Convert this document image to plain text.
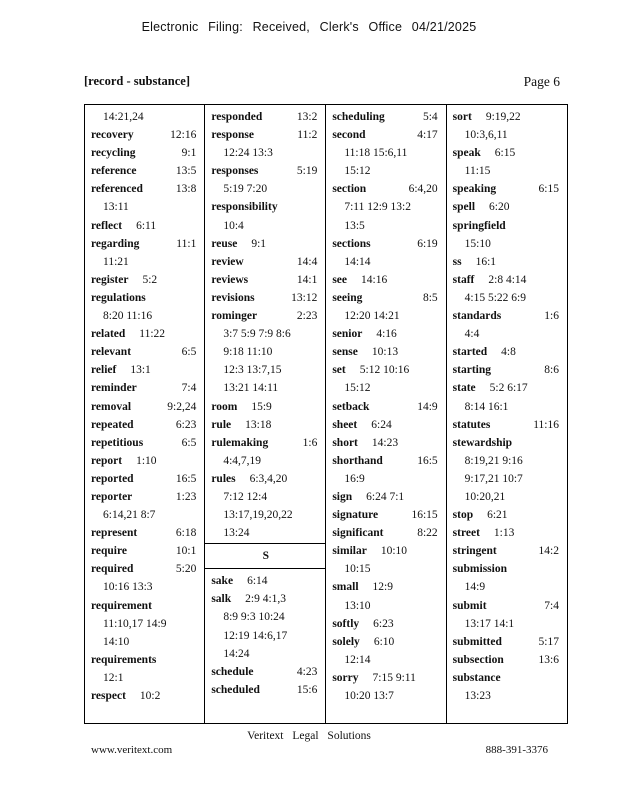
Electronic Filing: Received, Clerk's Office 04/21/2025
[record - substance]	Page 6
14:21,24
recovery	12:16
recycling	9:1
reference	13:5
referenced	13:8
13:11
reflect 6:11
regarding	11:1
11:21
register 5:2
regulations
8:20 11:16
related 11:22
relevant	6:5
relief 13:1
reminder	7:4
removal	9:2,24
repeated	6:23
repetitious	6:5
report 1:10
reported	16:5
reporter	1:23
6:14,21 8:7
represent	6:18
require	10:1
required	5:20
10:16 13:3
requirement
11:10,17 14:9
14:10
requirements
12:1
respect 10:2
responded	13:2
response	11:2
12:24 13:3
responses	5:19
5:19 7:20
responsibility
10:4
reuse 9:1
review	14:4
reviews	14:1
revisions	13:12
rominger	2:23
3:7 5:9 7:9 8:6
9:18 11:10
12:3 13:7,15
13:21 14:11
room 15:9
rule 13:18
rulemaking	1:6
4:4,7,19
rules 6:3,4,20
7:12 12:4
13:17,19,20,22
13:24
S
sake 6:14
salk 2:9 4:1,3
8:9 9:3 10:24
12:19 14:6,17
14:24
schedule	4:23
scheduled	15:6
scheduling	5:4
second	4:17
11:18 15:6,11
15:12
section	6:4,20
7:11 12:9 13:2
13:5
sections	6:19
14:14
see 14:16
seeing	8:5
12:20 14:21
senior 4:16
sense 10:13
set 5:12 10:16
15:12
setback	14:9
sheet 6:24
short 14:23
shorthand	16:5
16:9
sign 6:24 7:1
signature	16:15
significant	8:22
similar 10:10
10:15
small 12:9
13:10
softly 6:23
solely 6:10
12:14
sorry 7:15 9:11
10:20 13:7
sort 9:19,22
10:3,6,11
speak 6:15
11:15
speaking	6:15
spell 6:20
springfield
15:10
ss 16:1
staff 2:8 4:14
4:15 5:22 6:9
standards	1:6
4:4
started 4:8
starting	8:6
state 5:2 6:17
8:14 16:1
statutes	11:16
stewardship
8:19,21 9:16
9:17,21 10:7
10:20,21
stop 6:21
street 1:13
stringent	14:2
submission
14:9
submit	7:4
13:17 14:1
submitted	5:17
subsection	13:6
substance
13:23
Veritext Legal Solutions
www.veritext.com	888-391-3376
